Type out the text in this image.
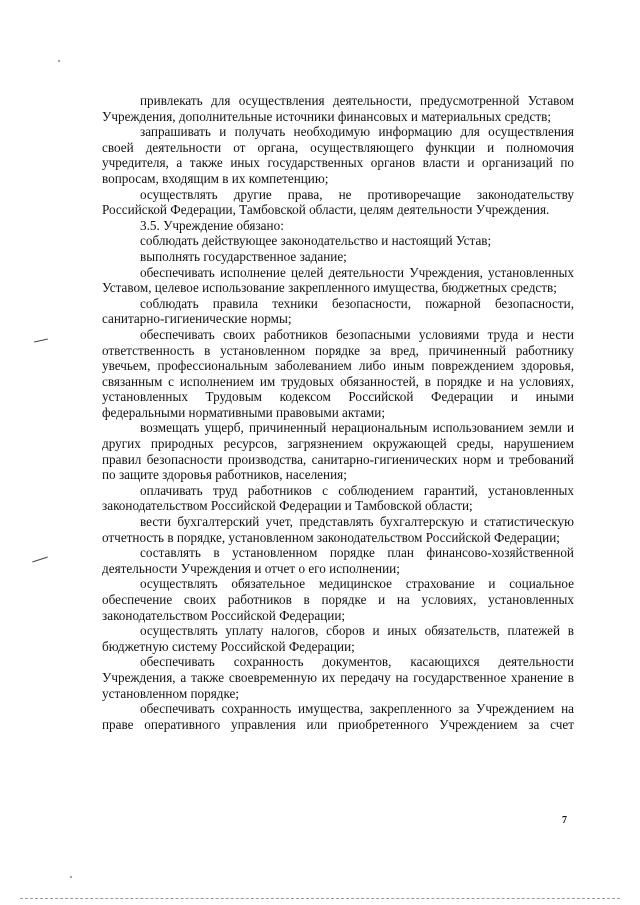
привлекать для осуществления деятельности, предусмотренной Уставом Учреждения, дополнительные источники финансовых и материальных средств;

запрашивать и получать необходимую информацию для осуществления своей деятельности от органа, осуществляющего функции и полномочия учредителя, а также иных государственных органов власти и организаций по вопросам, входящим в их компетенцию;

осуществлять другие права, не противоречащие законодательству Российской Федерации, Тамбовской области, целям деятельности Учреждения.

3.5. Учреждение обязано:

соблюдать действующее законодательство и настоящий Устав;

выполнять государственное задание;

обеспечивать исполнение целей деятельности Учреждения, установленных Уставом, целевое использование закрепленного имущества, бюджетных средств;

соблюдать правила техники безопасности, пожарной безопасности, санитарно-гигиенические нормы;

обеспечивать своих работников безопасными условиями труда и нести ответственность в установленном порядке за вред, причиненный работнику увечьем, профессиональным заболеванием либо иным повреждением здоровья, связанным с исполнением им трудовых обязанностей, в порядке и на условиях, установленных Трудовым кодексом Российской Федерации и иными федеральными нормативными правовыми актами;

возмещать ущерб, причиненный нерациональным использованием земли и других природных ресурсов, загрязнением окружающей среды, нарушением правил безопасности производства, санитарно-гигиенических норм и требований по защите здоровья работников, населения;

оплачивать труд работников с соблюдением гарантий, установленных законодательством Российской Федерации и Тамбовской области;

вести бухгалтерский учет, представлять бухгалтерскую и статистическую отчетность в порядке, установленном законодательством Российской Федерации;

составлять в установленном порядке план финансово-хозяйственной деятельности Учреждения и отчет о его исполнении;

осуществлять обязательное медицинское страхование и социальное обеспечение своих работников в порядке и на условиях, установленных законодательством Российской Федерации;

осуществлять уплату налогов, сборов и иных обязательств, платежей в бюджетную систему Российской Федерации;

обеспечивать сохранность документов, касающихся деятельности Учреждения, а также своевременную их передачу на государственное хранение в установленном порядке;

обеспечивать сохранность имущества, закрепленного за Учреждением на праве оперативного управления или приобретенного Учреждением за счет

7
